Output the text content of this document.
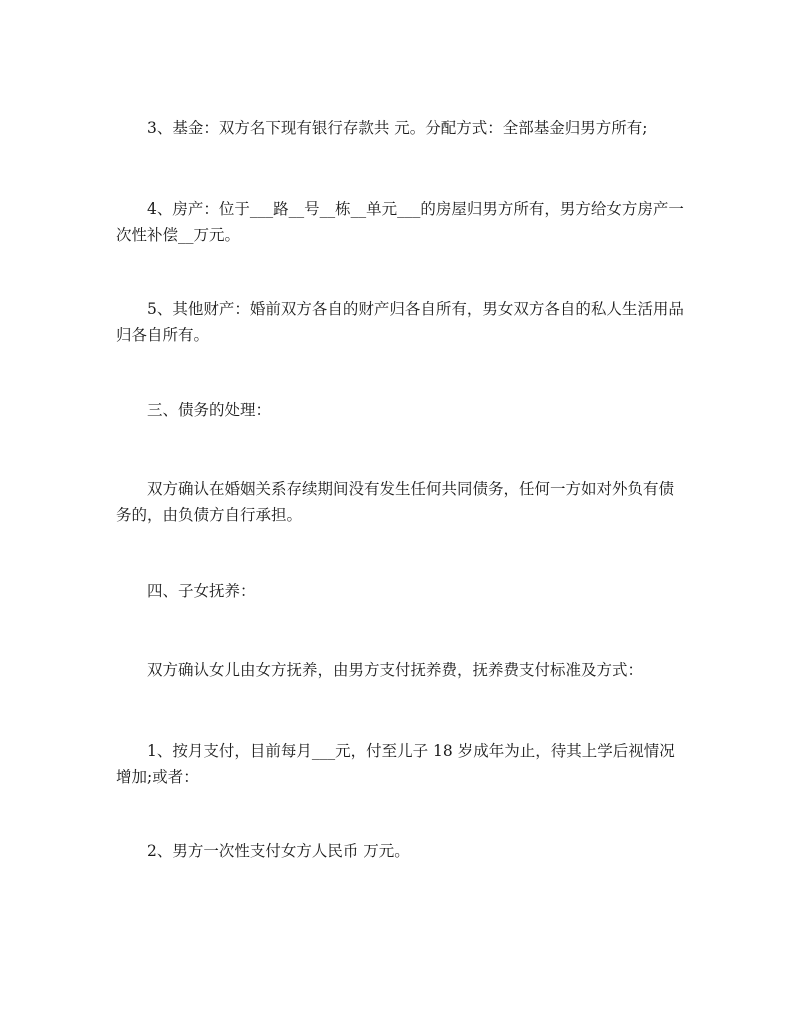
3、基金：双方名下现有银行存款共 元。分配方式：全部基金归男方所有;

4、房产：位于___路__号__栋__单元___的房屋归男方所有，男方给女方房产一次性补偿__万元。

5、其他财产：婚前双方各自的财产归各自所有，男女双方各自的私人生活用品归各自所有。

三、债务的处理：

双方确认在婚姻关系存续期间没有发生任何共同债务，任何一方如对外负有债务的，由负债方自行承担。

四、子女抚养：

双方确认女儿由女方抚养，由男方支付抚养费，抚养费支付标准及方式：

1、按月支付，目前每月___元，付至儿子 18 岁成年为止，待其上学后视情况增加;或者：

2、男方一次性支付女方人民币 万元。
